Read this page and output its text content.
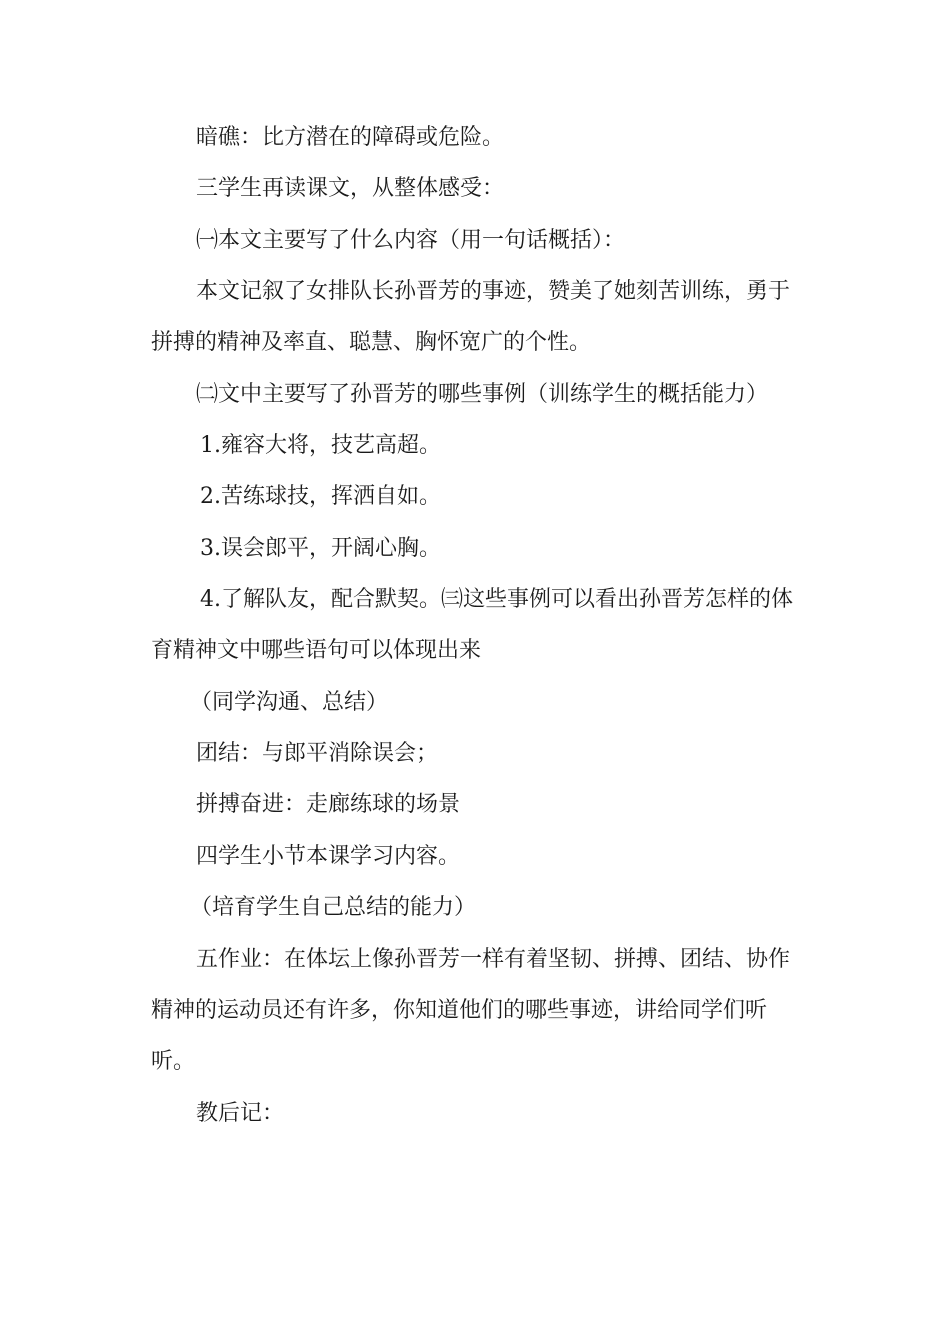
暗礁：比方潜在的障碍或危险。

三学生再读课文，从整体感受：

㈠本文主要写了什么内容（用一句话概括）：

本文记叙了女排队长孙晋芳的事迹，赞美了她刻苦训练，勇于

拼搏的精神及率直、聪慧、胸怀宽广的个性。

㈡文中主要写了孙晋芳的哪些事例（训练学生的概括能力）

1.雍容大将，技艺高超。

2.苦练球技，挥洒自如。

3.误会郎平，开阔心胸。

4.了解队友，配合默契。㈢这些事例可以看出孙晋芳怎样的体

育精神文中哪些语句可以体现出来

（同学沟通、总结）

团结：与郎平消除误会；

拼搏奋进：走廊练球的场景

四学生小节本课学习内容。

（培育学生自己总结的能力）

五作业：在体坛上像孙晋芳一样有着坚韧、拼搏、团结、协作

精神的运动员还有许多，你知道他们的哪些事迹，讲给同学们听

听。

教后记：
